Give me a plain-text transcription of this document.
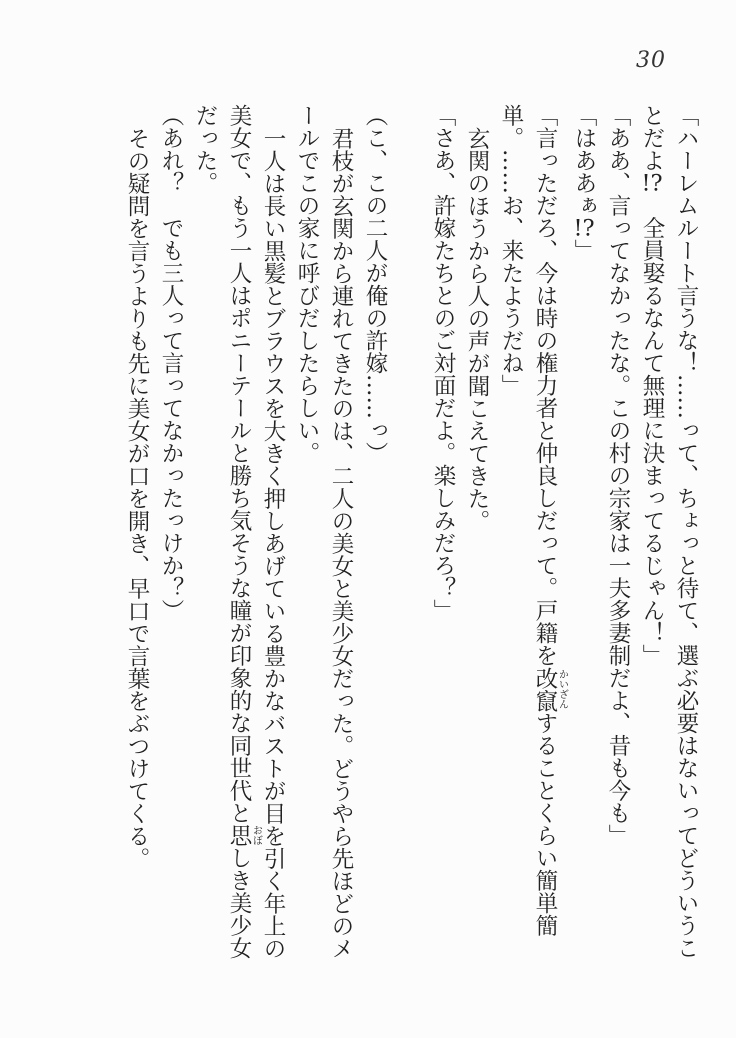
30

「ハーレムルート言うな！……って、ちょっと待て、選ぶ必要はないってどういうことだよ!?　全員娶るなんて無理に決まってるじゃん！」

「ああ、言ってなかったな。この村の宗家は一夫多妻制だよ、昔も今も」

「はああぁ!?」

「言っただろ、今は時の権力者と仲良しだって。戸籍を改竄かいざんすることくらい簡単簡単。……お、来たようだね」

玄関のほうから人の声が聞こえてきた。

「さあ、許嫁たちとのご対面だよ。楽しみだろ？」

（こ、この二人が俺の許嫁……っ）

君枝が玄関から連れてきたのは、二人の美女と美少女だった。どうやら先ほどのメールでこの家に呼びだしたらしい。

一人は長い黒髪とブラウスを大きく押しあげている豊かなバストが目を引く年上の美女で、もう一人はポニーテールと勝ち気そうな瞳が印象的な同世代と思おぼしき美少女だった。

（あれ？　でも三人って言ってなかったっけか？）

その疑問を言うよりも先に美女が口を開き、早口で言葉をぶつけてくる。
